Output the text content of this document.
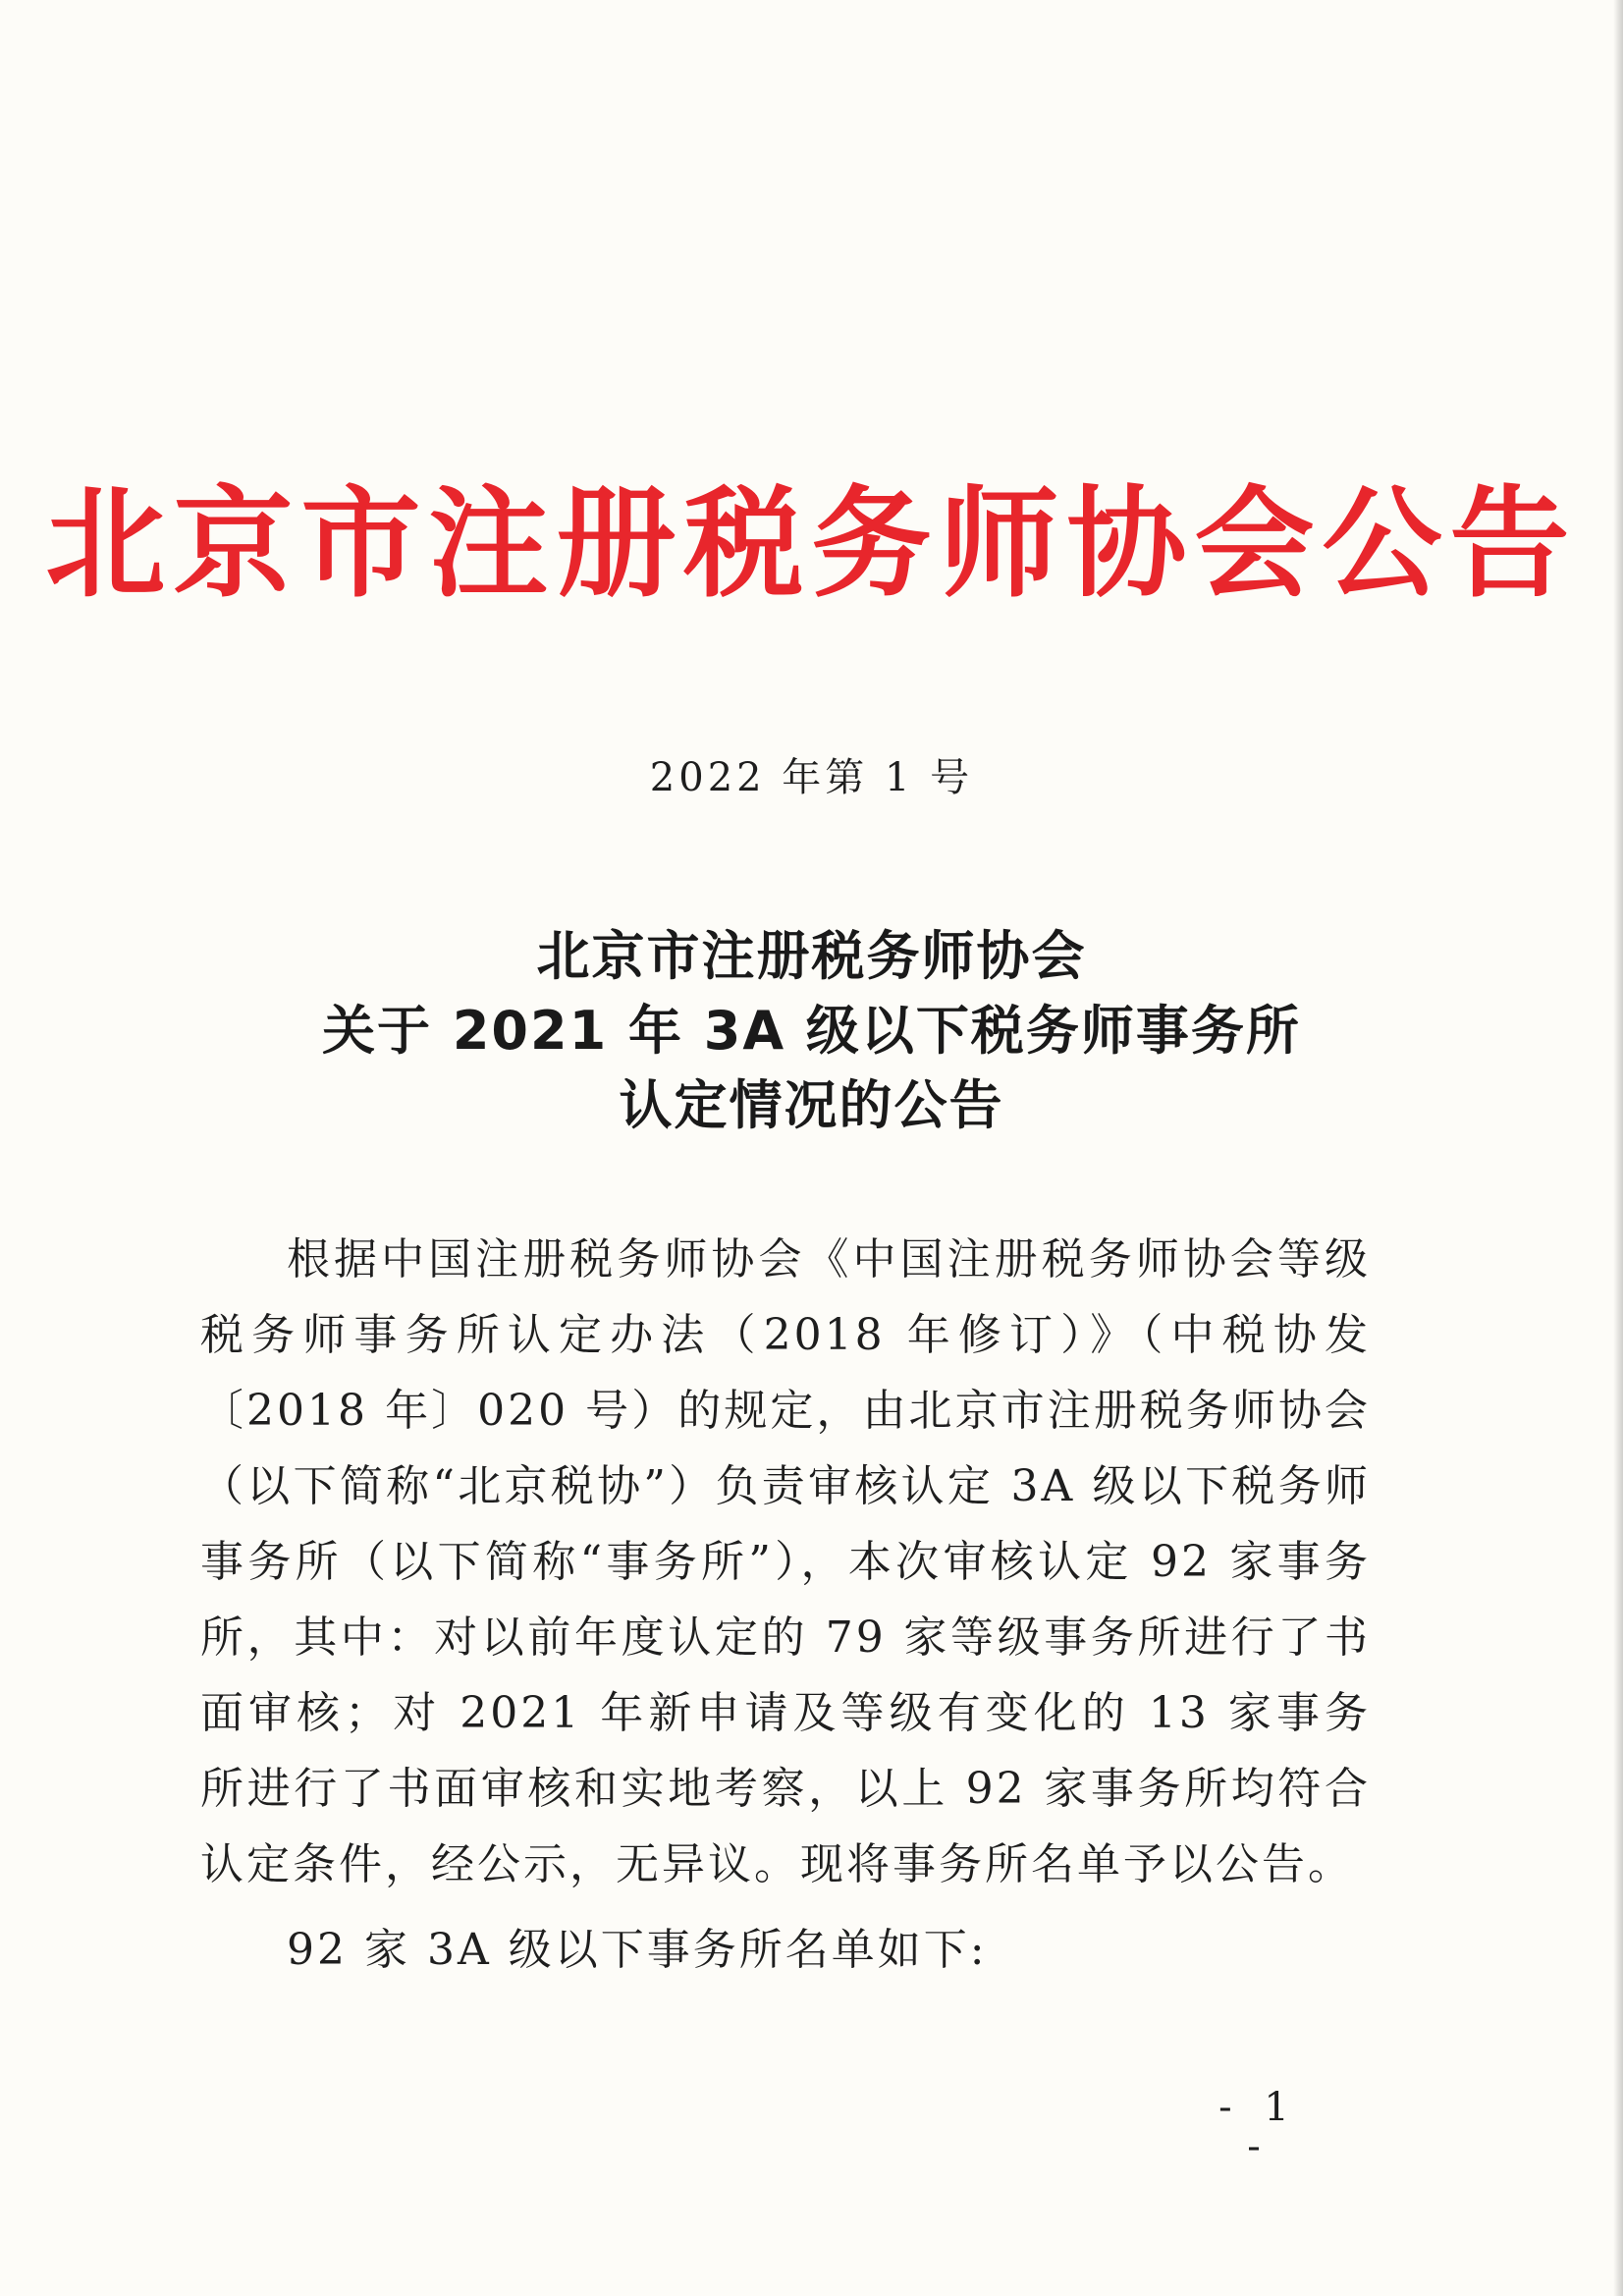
北京市注册税务师协会公告
2022 年第 1 号
北京市注册税务师协会
关于 2021 年 3A 级以下税务师事务所
认定情况的公告

根据中国注册税务师协会《中国注册税务师协会等级税务师事务所认定办法（2018 年修订）》（中税协发〔2018 年〕020 号）的规定，由北京市注册税务师协会（以下简称“北京税协”）负责审核认定 3A 级以下税务师事务所（以下简称“事务所”），本次审核认定 92 家事务所，其中：对以前年度认定的 79 家等级事务所进行了书面审核；对 2021 年新申请及等级有变化的 13 家事务所进行了书面审核和实地考察，以上 92 家事务所均符合认定条件，经公示，无异议。现将事务所名单予以公告。

92 家 3A 级以下事务所名单如下:

- 1 -
